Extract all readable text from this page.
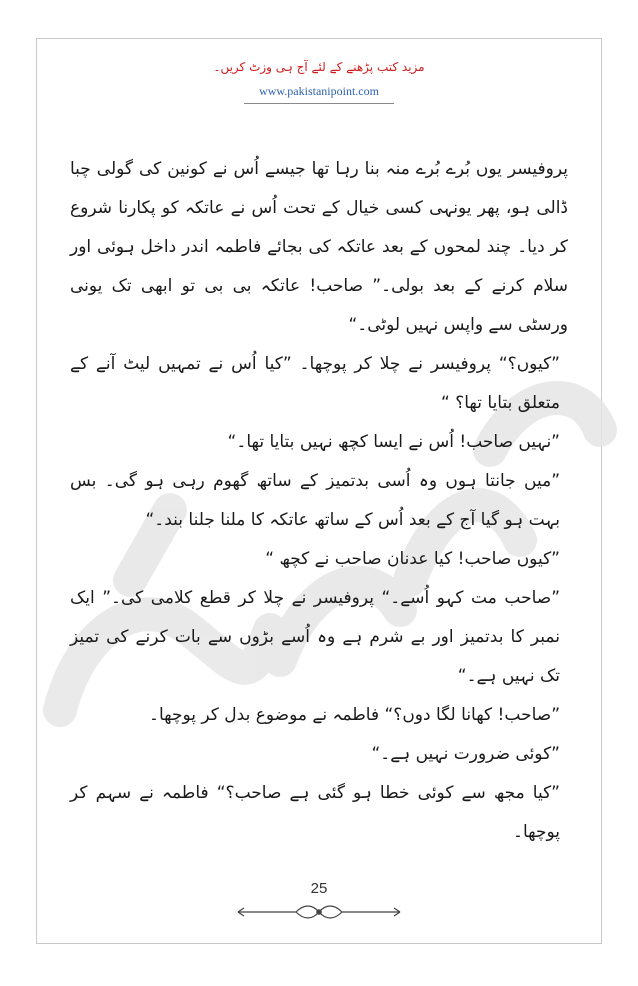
مزید کتب پڑھنے کے لئے آج ہی وزٹ کریں۔
www.pakistanipoint.com

پروفیسر یوں بُرے بُرے منہ بنا رہا تھا جیسے اُس نے کونین کی گولی چبا ڈالی ہو، پھر یونہی کسی خیال کے تحت اُس نے عاتکہ کو پکارنا شروع کر دیا۔ چند لمحوں کے بعد عاتکہ کی بجائے فاطمہ اندر داخل ہوئی اور سلام کرنے کے بعد بولی۔” صاحب! عاتکہ بی بی تو ابھی تک یونی ورسٹی سے واپس نہیں لوٹی۔“

”کیوں؟“ پروفیسر نے چلا کر پوچھا۔ ”کیا اُس نے تمہیں لیٹ آنے کے متعلق بتایا تھا؟ “

”نہیں صاحب! اُس نے ایسا کچھ نہیں بتایا تھا۔“

”میں جانتا ہوں وہ اُسی بدتمیز کے ساتھ گھوم رہی ہو گی۔ بس بہت ہو گیا آج کے بعد اُس کے ساتھ عاتکہ کا ملنا جلنا بند۔“

”کیوں صاحب! کیا عدنان صاحب نے کچھ “

”صاحب مت کہو اُسے۔“ پروفیسر نے چلا کر قطع کلامی کی۔” ایک نمبر کا بدتمیز اور بے شرم ہے وہ اُسے بڑوں سے بات کرنے کی تمیز تک نہیں ہے۔“

”صاحب! کھانا لگا دوں؟“ فاطمہ نے موضوع بدل کر پوچھا۔

”کوئی ضرورت نہیں ہے۔“

”کیا مجھ سے کوئی خطا ہو گئی ہے صاحب؟“ فاطمہ نے سہم کر پوچھا۔

25
